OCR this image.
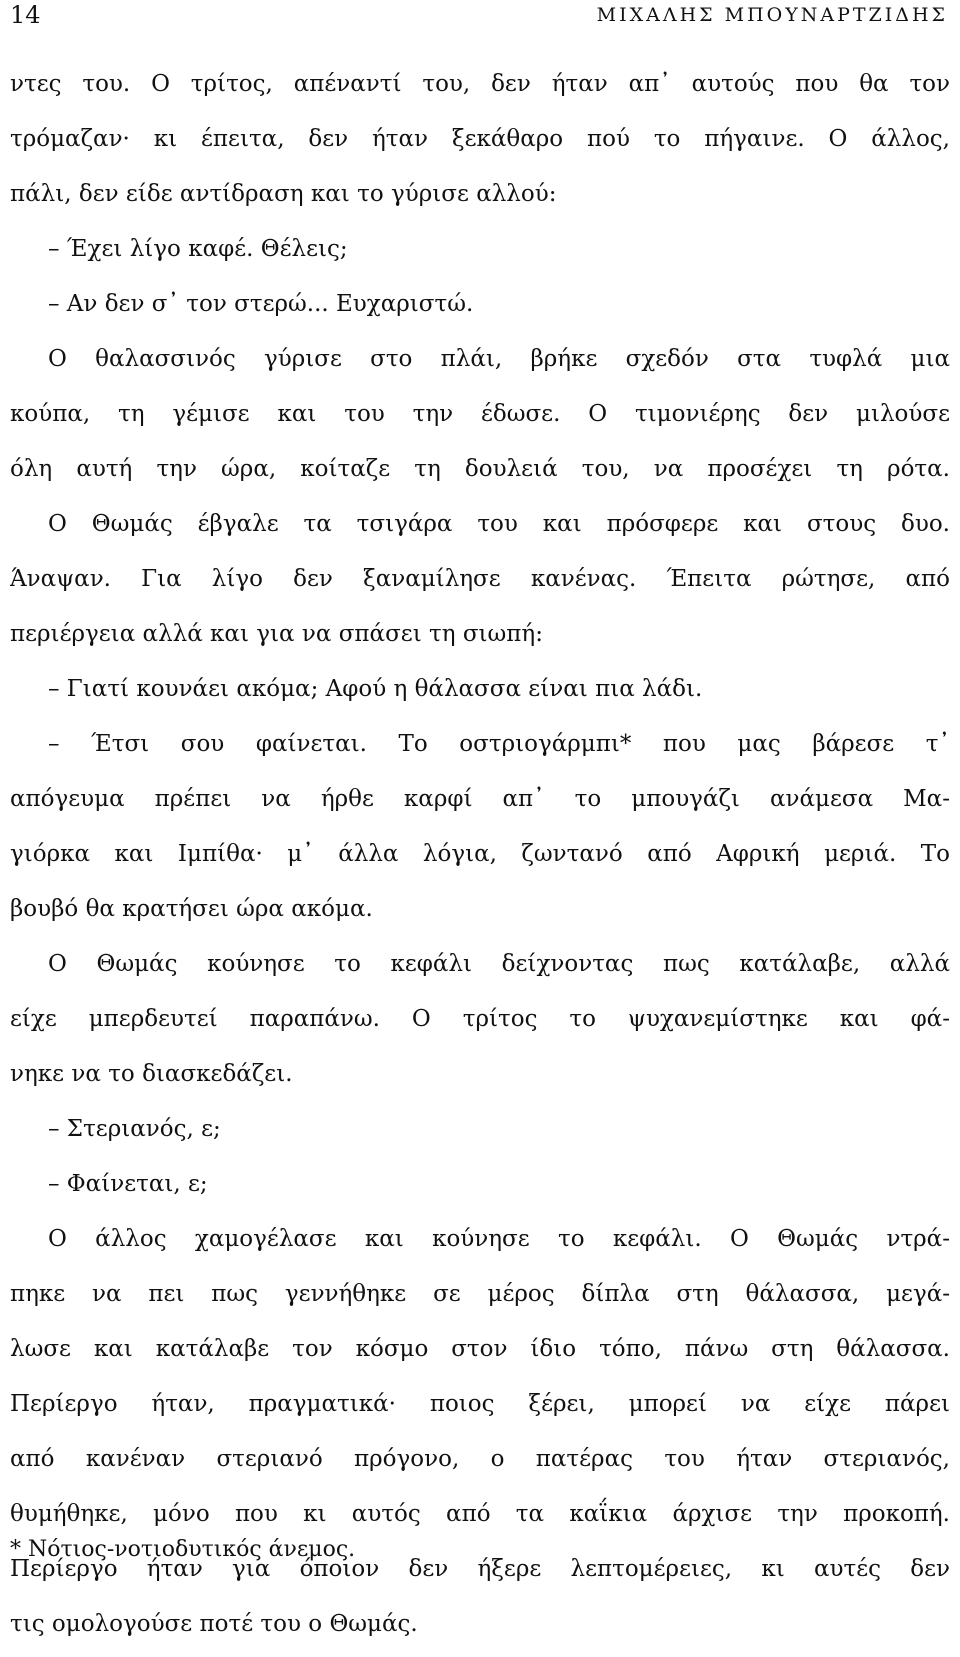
14	ΜΙΧΑΛΗΣ ΜΠΟΥΝΑΡΤΖΙΔΗΣ
ντες του. Ο τρίτος, απέναντί του, δεν ήταν απ᾽ αυτούς που θα τον
τρόμαζαν· κι έπειτα, δεν ήταν ξεκάθαρο πού το πήγαινε. Ο άλλος,
πάλι, δεν είδε αντίδραση και το γύρισε αλλού:
– Έχει λίγο καφέ. Θέλεις;
– Αν δεν σ᾽ τον στερώ... Ευχαριστώ.
Ο θαλασσινός γύρισε στο πλάι, βρήκε σχεδόν στα τυφλά μια
κούπα, τη γέμισε και του την έδωσε. Ο τιμονιέρης δεν μιλούσε
όλη αυτή την ώρα, κοίταζε τη δουλειά του, να προσέχει τη ρότα.
Ο Θωμάς έβγαλε τα τσιγάρα του και πρόσφερε και στους δυο.
Άναψαν. Για λίγο δεν ξαναμίλησε κανένας. Έπειτα ρώτησε, από
περιέργεια αλλά και για να σπάσει τη σιωπή:
– Γιατί κουνάει ακόμα; Αφού η θάλασσα είναι πια λάδι.
– Έτσι σου φαίνεται. Το οστριογάρμπι* που μας βάρεσε τ᾽
απόγευμα πρέπει να ήρθε καρφί απ᾽ το μπουγάζι ανάμεσα Μα-
γιόρκα και Ιμπίθα· μ᾽ άλλα λόγια, ζωντανό από Αφρική μεριά. Το
βουβό θα κρατήσει ώρα ακόμα.
Ο Θωμάς κούνησε το κεφάλι δείχνοντας πως κατάλαβε, αλλά
είχε μπερδευτεί παραπάνω. Ο τρίτος το ψυχανεμίστηκε και φά-
νηκε να το διασκεδάζει.
– Στεριανός, ε;
– Φαίνεται, ε;
Ο άλλος χαμογέλασε και κούνησε το κεφάλι. Ο Θωμάς ντρά-
πηκε να πει πως γεννήθηκε σε μέρος δίπλα στη θάλασσα, μεγά-
λωσε και κατάλαβε τον κόσμο στον ίδιο τόπο, πάνω στη θάλασσα.
Περίεργο ήταν, πραγματικά· ποιος ξέρει, μπορεί να είχε πάρει
από κανέναν στεριανό πρόγονο, ο πατέρας του ήταν στεριανός,
θυμήθηκε, μόνο που κι αυτός από τα καΐκια άρχισε την προκοπή.
Περίεργο ήταν για όποιον δεν ήξερε λεπτομέρειες, κι αυτές δεν
τις ομολογούσε ποτέ του ο Θωμάς.
* Νότιος-νοτιοδυτικός άνεμος.
